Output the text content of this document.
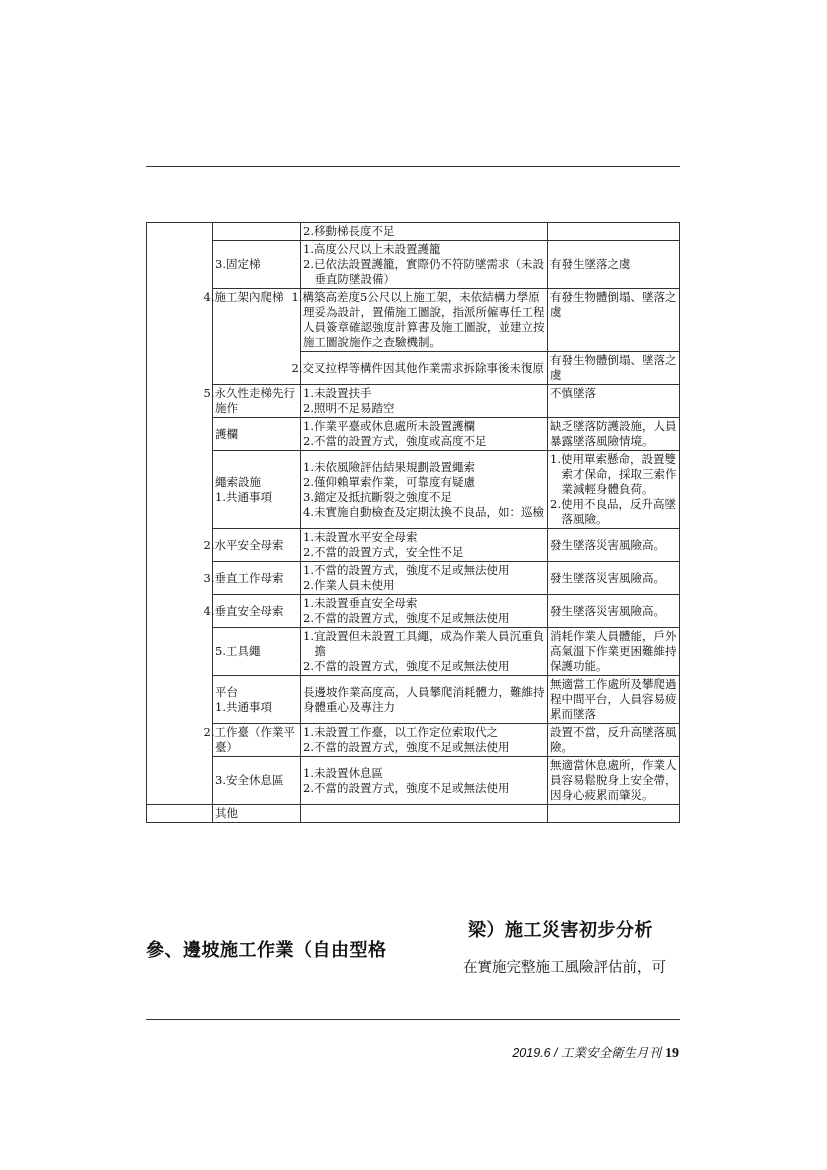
		2.移動梯長度不足	
	3.固定梯	1.高度公尺以上未設置護籠
2.已依法設置護籠，實際仍不符防墜需求（未設垂直防墜設備）	有發生墜落之虞
	4.施工架內爬梯	1.構築高差度5公尺以上施工架，未依結構力學原理妥為設計，置備施工圖說，指派所僱專任工程人員簽章確認強度計算書及施工圖說，並建立按施工圖說施作之查驗機制。	有發生物體倒塌、墜落之虞
		2.交叉拉桿等構件因其他作業需求拆除事後未復原	有發生物體倒塌、墜落之虞
	5.永久性走梯先行施作	1.未設置扶手
2.照明不足易踏空	不慎墜落
	護欄	1.作業平臺或休息處所未設置護欄
2.不當的設置方式，強度或高度不足	缺乏墜落防護設施，人員暴露墜落風險情境。

	繩索設施
1.共通事項	1.未依風險評估結果規劃設置繩索
2.僅仰賴單索作業，可靠度有疑慮
3.錨定及抵抗斷裂之強度不足
4.未實施自動檢查及定期汰換不良品，如：巡檢	1.使用單索懸命，設置雙索才保命，採取三索作業減輕身體負荷。
2.使用不良品，反升高墜落風險。

	2.水平安全母索	1.未設置水平安全母索
2.不當的設置方式，安全性不足	發生墜落災害風險高。
	3.垂直工作母索	1.不當的設置方式，強度不足或無法使用
2.作業人員未使用	發生墜落災害風險高。
	4.垂直安全母索	1.未設置垂直安全母索
2.不當的設置方式，強度不足或無法使用	發生墜落災害風險高。
	5.工具繩	1.宜設置但未設置工具繩，成為作業人員沉重負擔
2.不當的設置方式，強度不足或無法使用	消耗作業人員體能，戶外高氣溫下作業更困難維持保護功能。

	平台
1.共通事項	長邊坡作業高度高，人員攀爬消耗體力，難維持身體重心及專注力	無適當工作處所及攀爬過程中間平台，人員容易疲累而墜落
	2.工作臺（作業平臺）	1.未設置工作臺，以工作定位索取代之
2.不當的設置方式，強度不足或無法使用	設置不當，反升高墜落風險。
	3.安全休息區	1.未設置休息區
2.不當的設置方式，強度不足或無法使用	無適當休息處所，作業人員容易鬆脫身上安全帶，因身心疲累而肇災。
	其他		
梁）施工災害初步分析
參、邊坡施工作業（自由型格
在實施完整施工風險評估前，可
2019.6 / 工業安全衛生月刊 19
